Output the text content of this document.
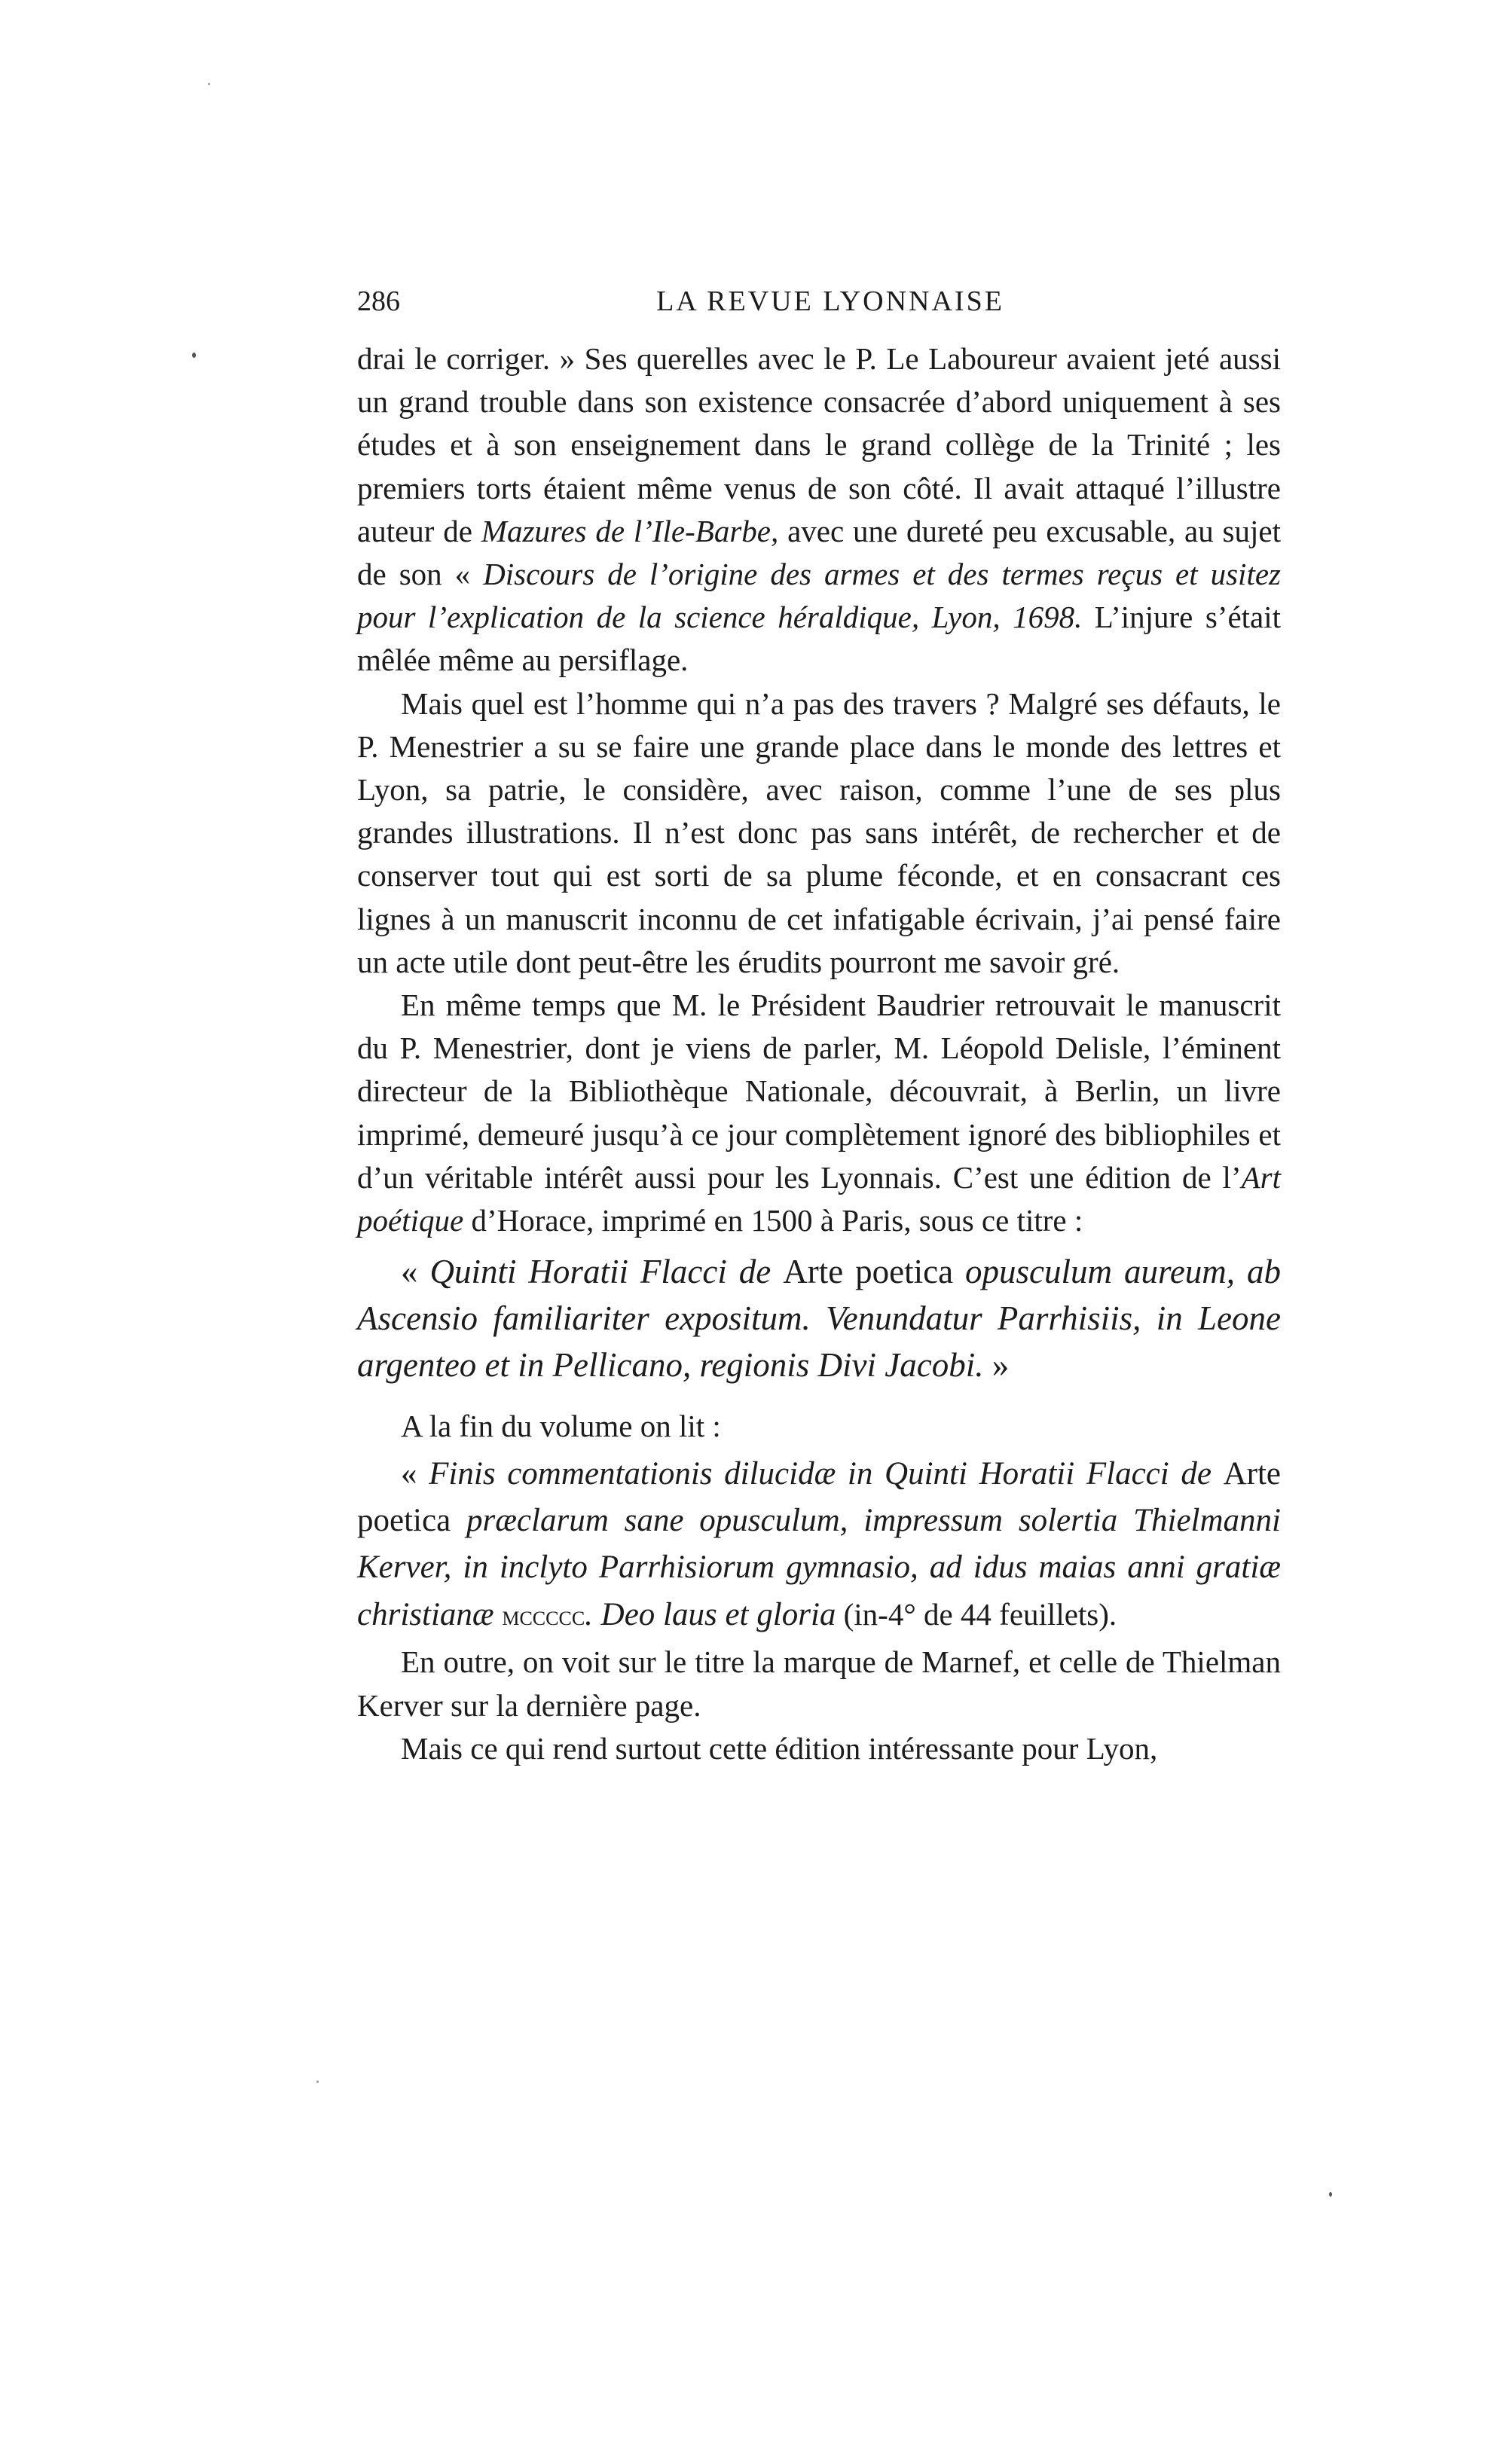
286	LA REVUE LYONNAISE

drai le corriger. » Ses querelles avec le P. Le Laboureur avaient jeté aussi un grand trouble dans son existence consacrée d’abord uniquement à ses études et à son enseignement dans le grand collège de la Trinité ; les premiers torts étaient même venus de son côté. Il avait attaqué l’illustre auteur de Mazures de l’Ile-Barbe, avec une dureté peu excusable, au sujet de son « Discours de l’origine des armes et des termes reçus et usitez pour l’explication de la science héraldique, Lyon, 1698. L’injure s’était mêlée même au persiflage.

Mais quel est l’homme qui n’a pas des travers ? Malgré ses défauts, le P. Menestrier a su se faire une grande place dans le monde des lettres et Lyon, sa patrie, le considère, avec raison, comme l’une de ses plus grandes illustrations. Il n’est donc pas sans intérêt, de rechercher et de conserver tout qui est sorti de sa plume féconde, et en consacrant ces lignes à un manuscrit inconnu de cet infatigable écrivain, j’ai pensé faire un acte utile dont peut-être les érudits pourront me savoir gré.

En même temps que M. le Président Baudrier retrouvait le manuscrit du P. Menestrier, dont je viens de parler, M. Léopold Delisle, l’éminent directeur de la Bibliothèque Nationale, découvrait, à Berlin, un livre imprimé, demeuré jusqu’à ce jour complètement ignoré des bibliophiles et d’un véritable intérêt aussi pour les Lyonnais. C’est une édition de l’Art poétique d’Horace, imprimé en 1500 à Paris, sous ce titre :

« Quinti Horatii Flacci de Arte poetica opusculum aureum, ab Ascensio familiariter expositum. Venundatur Parrhisiis, in Leone argenteo et in Pellicano, regionis Divi Jacobi. »

A la fin du volume on lit :

« Finis commentationis dilucidæ in Quinti Horatii Flacci de Arte poetica præclarum sane opusculum, impressum solertia Thielmanni Kerver, in inclyto Parrhisiorum gymnasio, ad idus maias anni gratiæ christianæ mccccc. Deo laus et gloria (in-4° de 44 feuillets).

En outre, on voit sur le titre la marque de Marnef, et celle de Thielman Kerver sur la dernière page.

Mais ce qui rend surtout cette édition intéressante pour Lyon,
